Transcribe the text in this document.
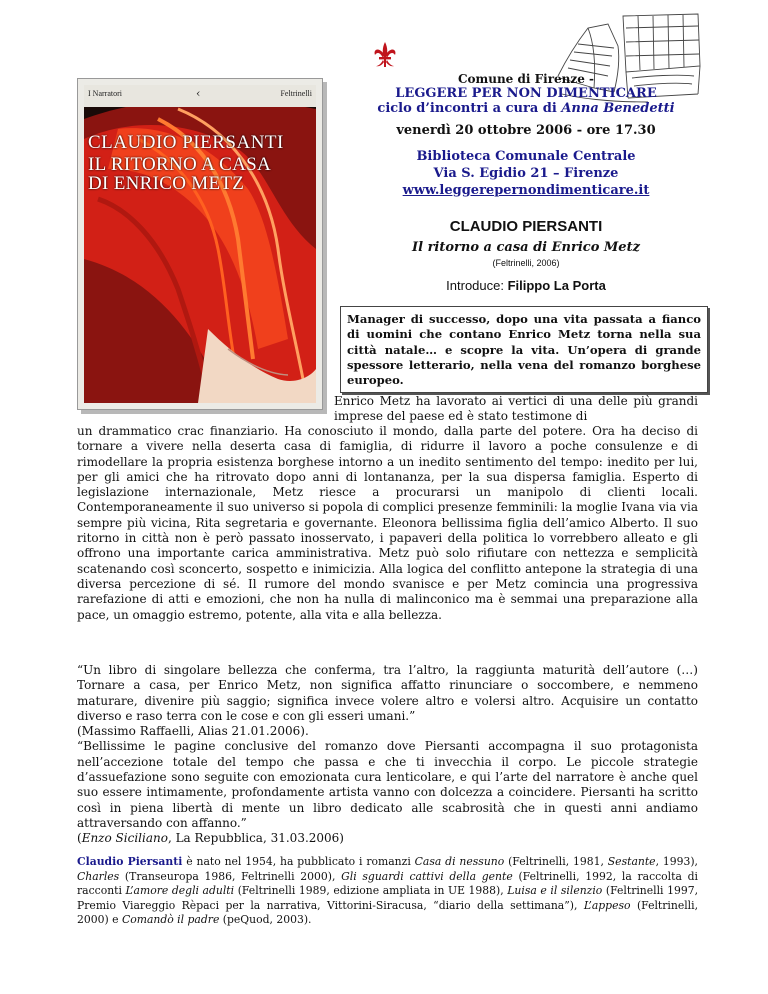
Comune di Firenze -
LEGGERE PER NON DIMENTICARE
ciclo d’incontri a cura di Anna Benedetti
venerdì 20 ottobre 2006 - ore 17.30
Biblioteca Comunale Centrale
Via S. Egidio 21 – Firenze
www.leggerepernondimenticare.it
CLAUDIO PIERSANTI
Il ritorno a casa di Enrico Metz
(Feltrinelli, 2006)
Introduce: Filippo La Porta
I Narratori	‹	Feltrinelli
CLAUDIO PIERSANTI
IL RITORNO A CASA
DI ENRICO METZ
Manager di successo, dopo una vita passata a fianco di uomini che contano Enrico Metz torna nella sua città natale… e scopre la vita. Un’opera di grande spessore letterario, nella vena del romanzo borghese europeo.
Enrico Metz ha lavorato ai vertici di una delle più grandi imprese del paese ed è stato testimone di
un drammatico crac finanziario. Ha conosciuto il mondo, dalla parte del potere. Ora ha deciso di tornare a vivere nella deserta casa di famiglia, di ridurre il lavoro a poche consulenze e di rimodellare la propria esistenza borghese intorno a un inedito sentimento del tempo: inedito per lui, per gli amici che ha ritrovato dopo anni di lontananza, per la sua dispersa famiglia. Esperto di legislazione internazionale, Metz riesce a procurarsi un manipolo di clienti locali. Contemporaneamente il suo universo si popola di complici presenze femminili: la moglie Ivana via via sempre più vicina, Rita segretaria e governante. Eleonora bellissima figlia dell’amico Alberto. Il suo ritorno in città non è però passato inosservato, i papaveri della politica lo vorrebbero alleato e gli offrono una importante carica amministrativa. Metz può solo rifiutare con nettezza e semplicità scatenando così sconcerto, sospetto e inimicizia. Alla logica del conflitto antepone la strategia di una diversa percezione di sé. Il rumore del mondo svanisce e per Metz comincia una progressiva rarefazione di atti e emozioni, che non ha nulla di malinconico ma è semmai una preparazione alla pace, un omaggio estremo, potente, alla vita e alla bellezza.
“Un libro di singolare bellezza che conferma, tra l’altro, la raggiunta maturità dell’autore (…) Tornare a casa, per Enrico Metz, non significa affatto rinunciare o soccombere, e nemmeno maturare, divenire più saggio; significa invece volere altro e volersi altro. Acquisire un contatto diverso e raso terra con le cose e con gli esseri umani.”
(Massimo Raffaelli, Alias 21.01.2006).
“Bellissime le pagine conclusive del romanzo dove Piersanti accompagna il suo protagonista nell’accezione totale del tempo che passa e che ti invecchia il corpo. Le piccole strategie d’assuefazione sono seguite con emozionata cura lenticolare, e qui l’arte del narratore è anche quel suo essere intimamente, profondamente artista vanno con dolcezza a coincidere. Piersanti ha scritto così in piena libertà di mente un libro dedicato alle scabrosità che in questi anni andiamo attraversando con affanno.”
(Enzo Siciliano, La Repubblica, 31.03.2006)
Claudio Piersanti è nato nel 1954, ha pubblicato i romanzi Casa di nessuno (Feltrinelli, 1981, Sestante, 1993), Charles (Transeuropa 1986, Feltrinelli 2000), Gli sguardi cattivi della gente (Feltrinelli, 1992, la raccolta di racconti L’amore degli adulti (Feltrinelli 1989, edizione ampliata in UE 1988), Luisa e il silenzio (Feltrinelli 1997, Premio Viareggio Rèpaci per la narrativa, Vittorini-Siracusa, “diario della settimana”), L’appeso (Feltrinelli, 2000) e Comandò il padre (peQuod, 2003).
